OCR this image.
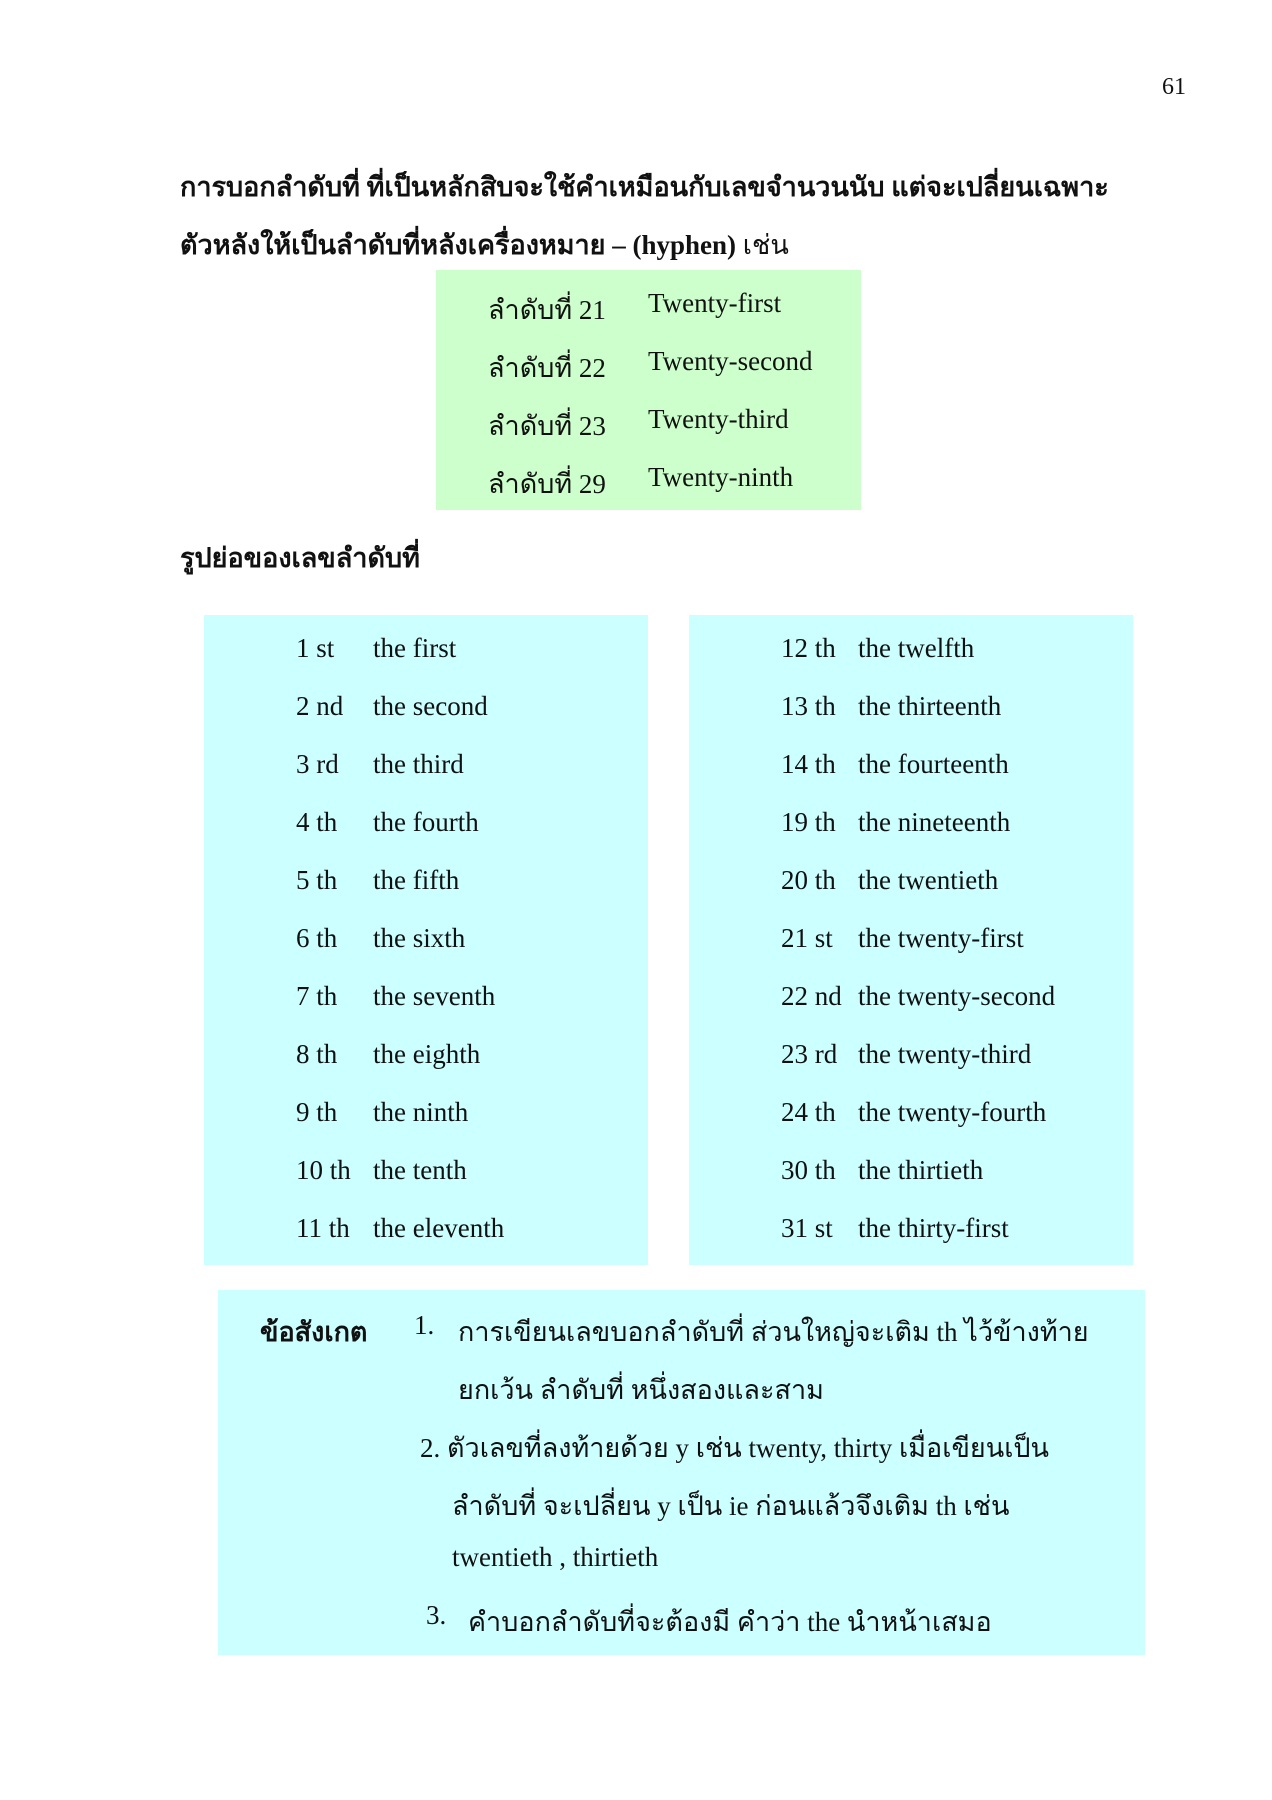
61
การบอกลำดับที่ ที่เป็นหลักสิบจะใช้คำเหมือนกับเลขจำนวนนับ แต่จะเปลี่ยนเฉพาะ
ตัวหลังให้เป็นลำดับที่หลังเครื่องหมาย – (hyphen) เช่น
ลำดับที่ 21 Twenty-first
ลำดับที่ 22 Twenty-second
ลำดับที่ 23 Twenty-third
ลำดับที่ 29 Twenty-ninth
รูปย่อของเลขลำดับที่
1 st the first
2 nd the second
3 rd the third
4 th the fourth
5 th the fifth
6 th the sixth
7 th the seventh
8 th the eighth
9 th the ninth
10 th the tenth
11 th the eleventh
12 th the twelfth
13 th the thirteenth
14 th the fourteenth
19 th the nineteenth
20 th the twentieth
21 st the twenty-first
22 nd the twenty-second
23 rd the twenty-third
24 th the twenty-fourth
30 th the thirtieth
31 st the thirty-first
ข้อสังเกต 1. การเขียนเลขบอกลำดับที่ ส่วนใหญ่จะเติม th ไว้ข้างท้าย
ยกเว้น ลำดับที่ หนึ่งสองและสาม
2. ตัวเลขที่ลงท้ายด้วย y เช่น twenty, thirty เมื่อเขียนเป็น
ลำดับที่ จะเปลี่ยน y เป็น ie ก่อนแล้วจึงเติม th เช่น
twentieth , thirtieth
3. คำบอกลำดับที่จะต้องมี คำว่า the นำหน้าเสมอ
